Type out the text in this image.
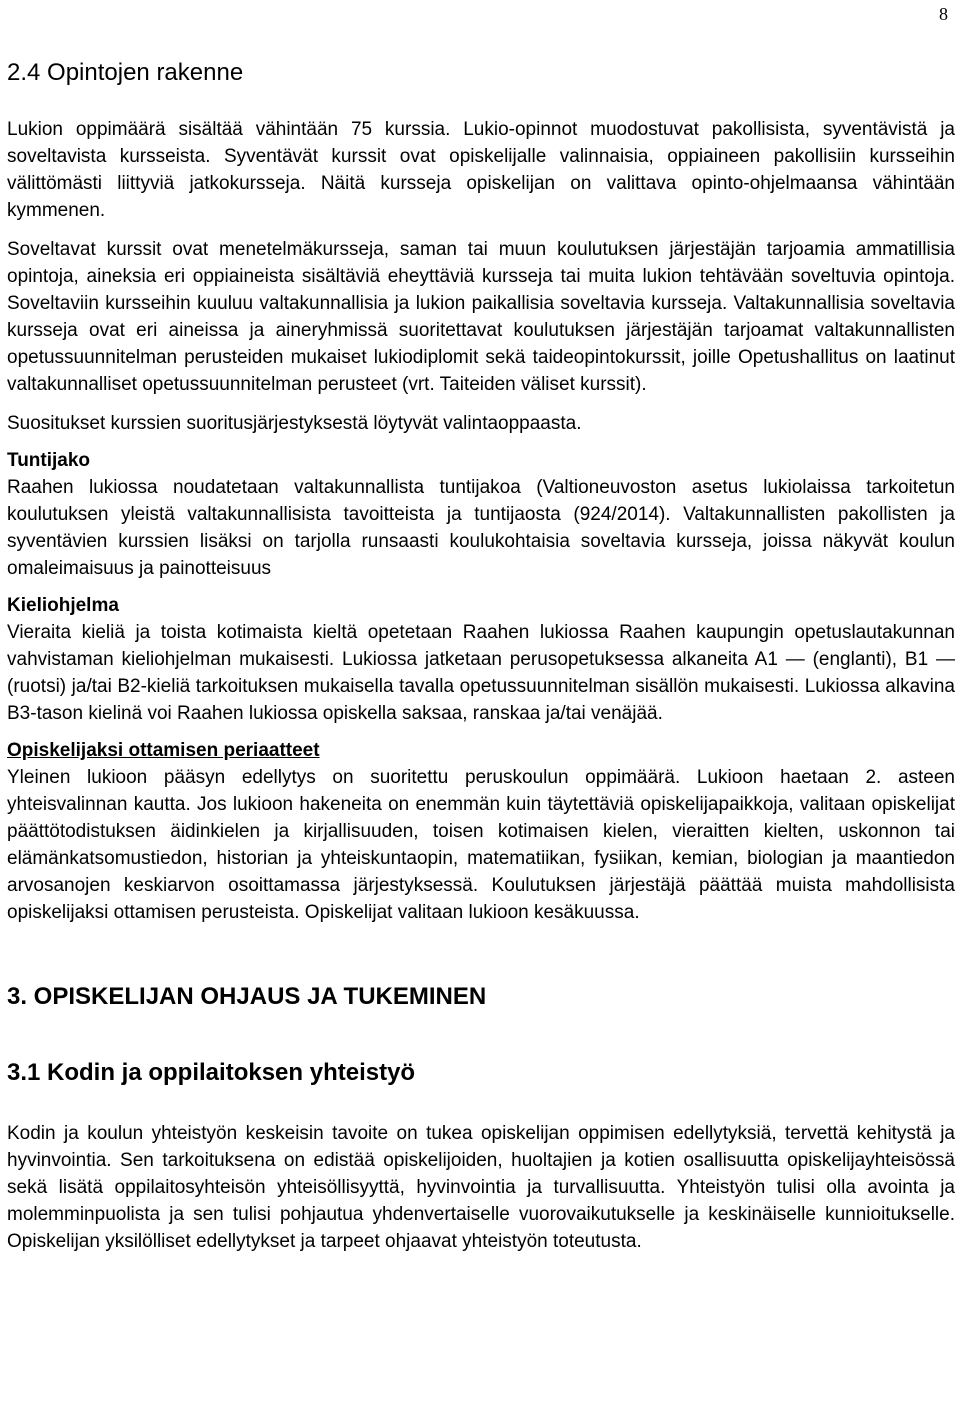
8
2.4 Opintojen rakenne

Lukion oppimäärä sisältää vähintään 75 kurssia. Lukio-opinnot muodostuvat pakollisista, syventävistä ja soveltavista kursseista. Syventävät kurssit ovat opiskelijalle valinnaisia, oppiaineen pakollisiin kursseihin välittömästi liittyviä jatkokursseja. Näitä kursseja opiskelijan on valittava opinto-ohjelmaansa vähintään kymmenen.

Soveltavat kurssit ovat menetelmäkursseja, saman tai muun koulutuksen järjestäjän tarjoamia ammatillisia opintoja, aineksia eri oppiaineista sisältäviä eheyttäviä kursseja tai muita lukion tehtävään soveltuvia opintoja. Soveltaviin kursseihin kuuluu valtakunnallisia ja lukion paikallisia soveltavia kursseja. Valtakunnallisia soveltavia kursseja ovat eri aineissa ja aineryhmissä suoritettavat koulutuksen järjestäjän tarjoamat valtakunnallisten opetussuunnitelman perusteiden mukaiset lukiodiplomit sekä taideopintokurssit, joille Opetushallitus on laatinut valtakunnalliset opetussuunnitelman perusteet (vrt. Taiteiden väliset kurssit).

Suositukset kurssien suoritusjärjestyksestä löytyvät valintaoppaasta.

Tuntijako

Raahen lukiossa noudatetaan valtakunnallista tuntijakoa (Valtioneuvoston asetus lukiolaissa tarkoitetun koulutuksen yleistä valtakunnallisista tavoitteista ja tuntijaosta (924/2014). Valtakunnallisten pakollisten ja syventävien kurssien lisäksi on tarjolla runsaasti koulukohtaisia soveltavia kursseja, joissa näkyvät koulun omaleimaisuus ja painotteisuus

Kieliohjelma

Vieraita kieliä ja toista kotimaista kieltä opetetaan Raahen lukiossa Raahen kaupungin opetuslautakunnan vahvistaman kieliohjelman mukaisesti. Lukiossa jatketaan perusopetuksessa alkaneita A1 — (englanti), B1 — (ruotsi) ja/tai B2-kieliä tarkoituksen mukaisella tavalla opetussuunnitelman sisällön mukaisesti. Lukiossa alkavina B3-tason kielinä voi Raahen lukiossa opiskella saksaa, ranskaa ja/tai venäjää.

Opiskelijaksi ottamisen periaatteet

Yleinen lukioon pääsyn edellytys on suoritettu peruskoulun oppimäärä. Lukioon haetaan 2. asteen yhteisvalinnan kautta. Jos lukioon hakeneita on enemmän kuin täytettäviä opiskelijapaikkoja, valitaan opiskelijat päättötodistuksen äidinkielen ja kirjallisuuden, toisen kotimaisen kielen, vieraitten kielten, uskonnon tai elämänkatsomustiedon, historian ja yhteiskuntaopin, matematiikan, fysiikan, kemian, biologian ja maantiedon arvosanojen keskiarvon osoittamassa järjestyksessä. Koulutuksen järjestäjä päättää muista mahdollisista opiskelijaksi ottamisen perusteista. Opiskelijat valitaan lukioon kesäkuussa.

3. OPISKELIJAN OHJAUS JA TUKEMINEN
3.1 Kodin ja oppilaitoksen yhteistyö

Kodin ja koulun yhteistyön keskeisin tavoite on tukea opiskelijan oppimisen edellytyksiä, tervettä kehitystä ja hyvinvointia. Sen tarkoituksena on edistää opiskelijoiden, huoltajien ja kotien osallisuutta opiskelijayhteisössä sekä lisätä oppilaitosyhteisön yhteisöllisyyttä, hyvinvointia ja turvallisuutta. Yhteistyön tulisi olla avointa ja molemminpuolista ja sen tulisi pohjautua yhdenvertaiselle vuorovaikutukselle ja keskinäiselle kunnioitukselle. Opiskelijan yksilölliset edellytykset ja tarpeet ohjaavat yhteistyön toteutusta.
